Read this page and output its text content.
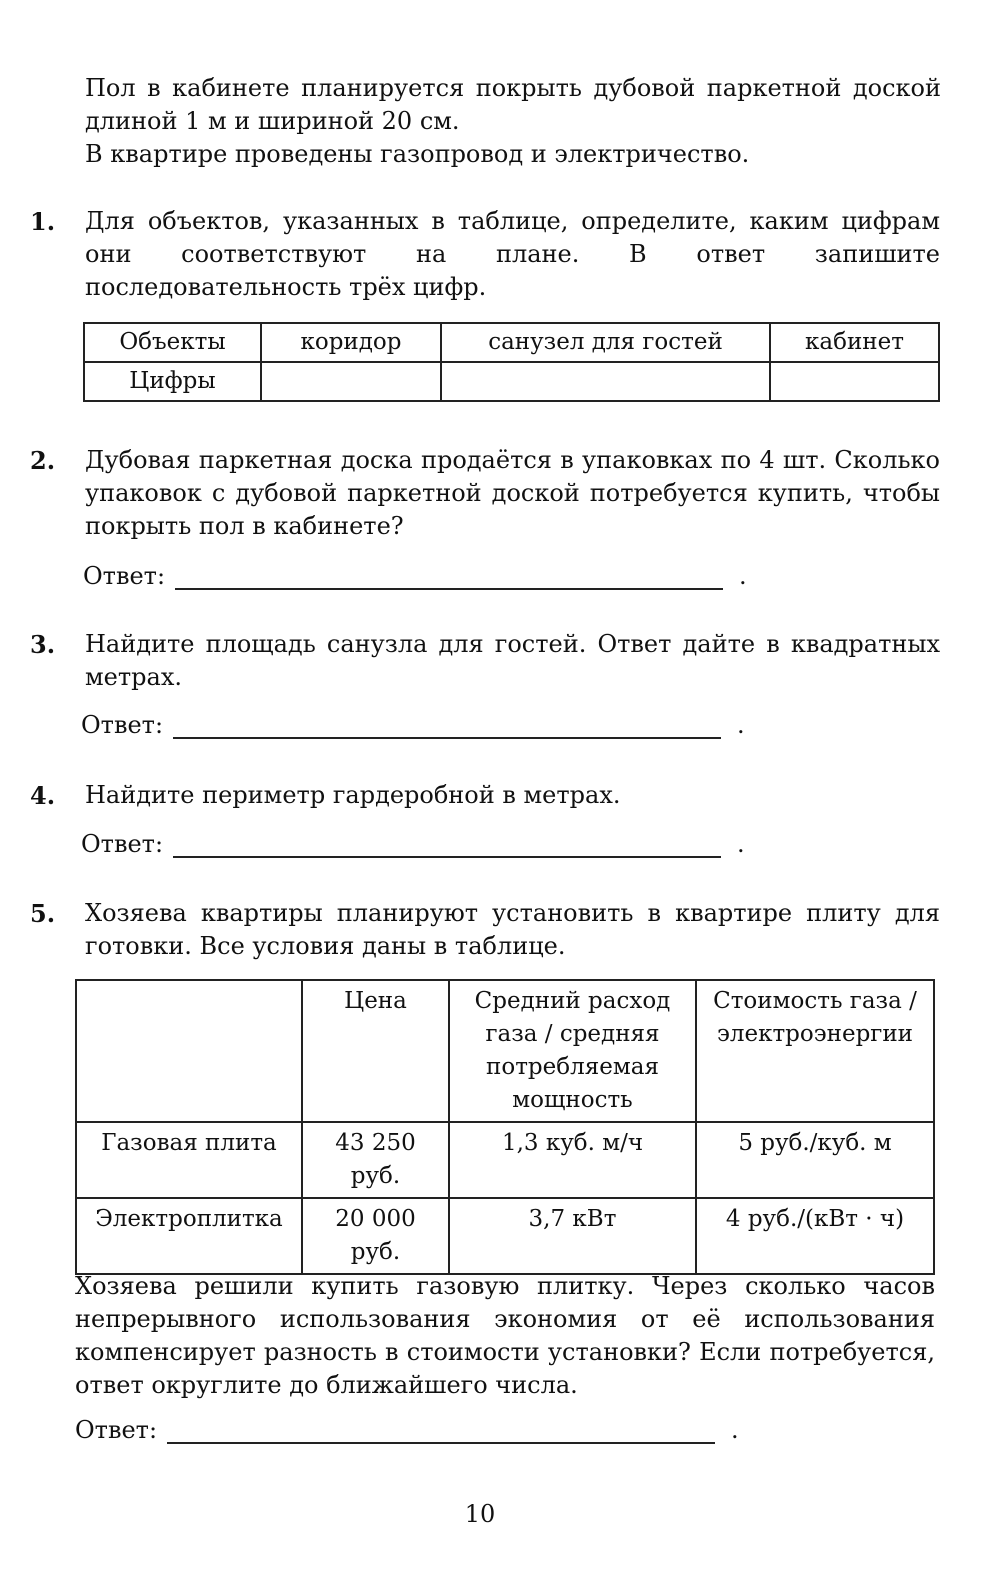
Пол в кабинете планируется покрыть дубовой паркетной доской длиной 1 м и шириной 20 см.

В квартире проведены газопровод и электричество.

1.	Для объектов, указанных в таблице, определите, каким цифрам они соответствуют на плане. В ответ запишите последовательность трёх цифр.
Объекты	коридор	санузел для гостей	кабинет
Цифры			
2.	Дубовая паркетная доска продаётся в упаковках по 4 шт. Сколько упаковок с дубовой паркетной доской потребуется купить, чтобы покрыть пол в кабинете?
Ответ:	.
3.	Найдите площадь санузла для гостей. Ответ дайте в квадратных метрах.
Ответ:	.
4.	Найдите периметр гардеробной в метрах.
Ответ:	.
5.	Хозяева квартиры планируют установить в квартире плиту для готовки. Все условия даны в таблице.
	Цена	Средний расход газа / средняя потребляемая мощность	Стоимость газа / электроэнергии
Газовая плита	43 250 руб.	1,3 куб. м/ч	5 руб./куб. м
Электроплитка	20 000 руб.	3,7 кВт	4 руб./(кВт · ч)
Хозяева решили купить газовую плитку. Через сколько часов непрерывного использования экономия от её использования компенсирует разность в стоимости установки? Если потребуется, ответ округлите до ближайшего числа.
Ответ:	.
10
